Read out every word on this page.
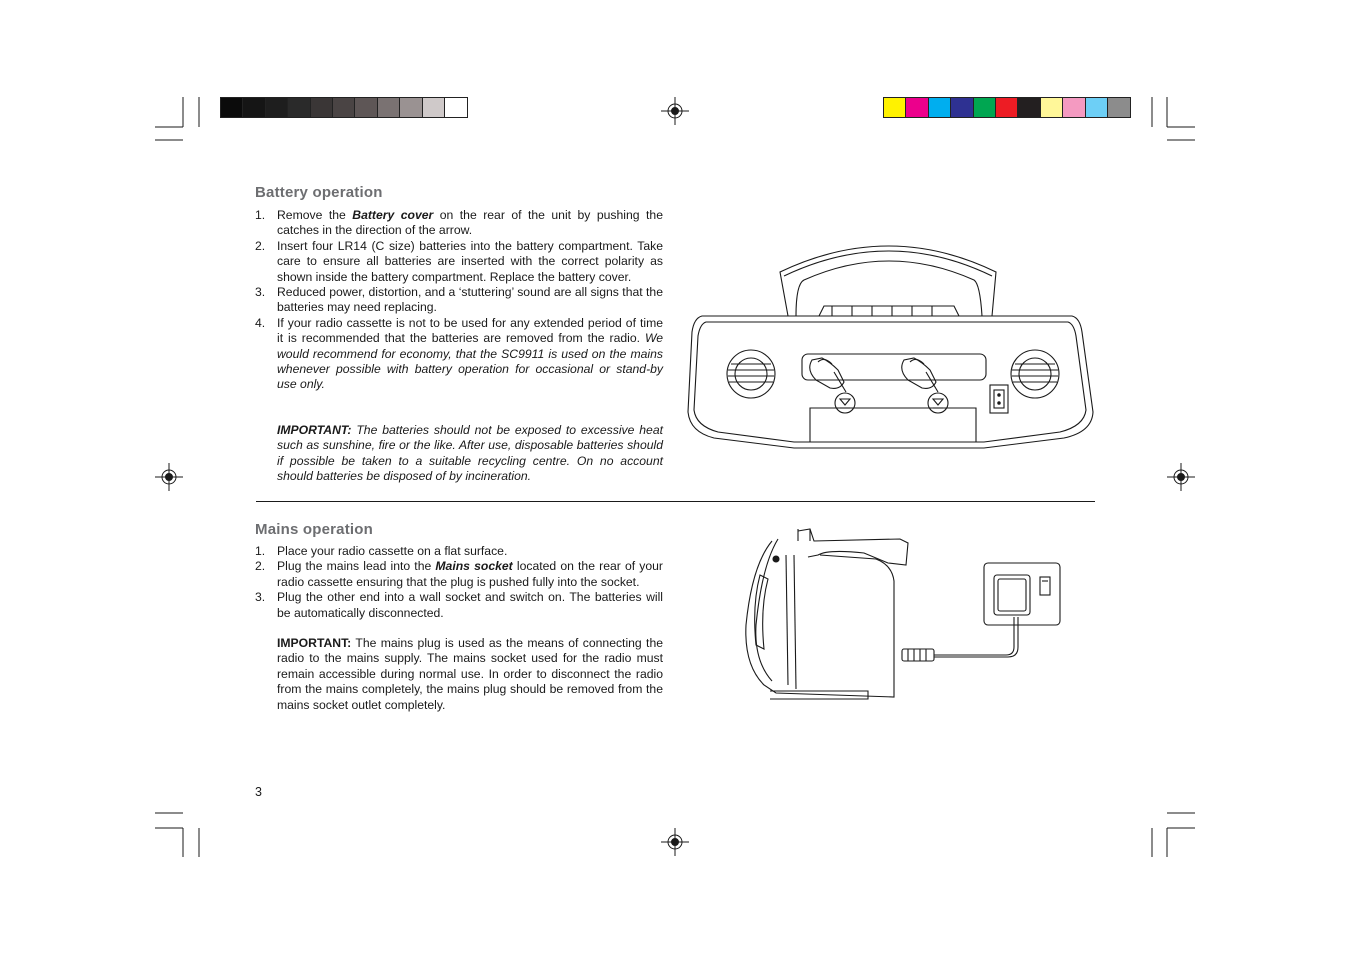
Battery operation
1. Remove the Battery cover on the rear of the unit by pushing the catches in the direction of the arrow.
2. Insert four LR14 (C size) batteries into the battery compartment. Take care to ensure all batteries are inserted with the correct polarity as shown inside the battery compartment. Replace the battery cover.
3. Reduced power, distortion, and a ‘stuttering’ sound are all signs that the batteries may need replacing.
4. If your radio cassette is not to be used for any extended period of time it is recommended that the batteries are removed from the radio. We would recommend for economy, that the SC9911 is used on the mains whenever possible with battery operation for occasional or stand-by use only.

IMPORTANT: The batteries should not be exposed to excessive heat such as sunshine, fire or the like. After use, disposable batteries should if possible be taken to a suitable recycling centre. On no account should batteries be disposed of by incineration.

Mains operation
1. Place your radio cassette on a flat surface.
2. Plug the mains lead into the Mains socket located on the rear of your radio cassette ensuring that the plug is pushed fully into the socket.
3. Plug the other end into a wall socket and switch on. The batteries will be automatically disconnected.

IMPORTANT: The mains plug is used as the means of connecting the radio to the mains supply. The mains socket used for the radio must remain accessible during normal use. In order to disconnect the radio from the mains completely, the mains plug should be removed from the mains socket outlet completely.

3
